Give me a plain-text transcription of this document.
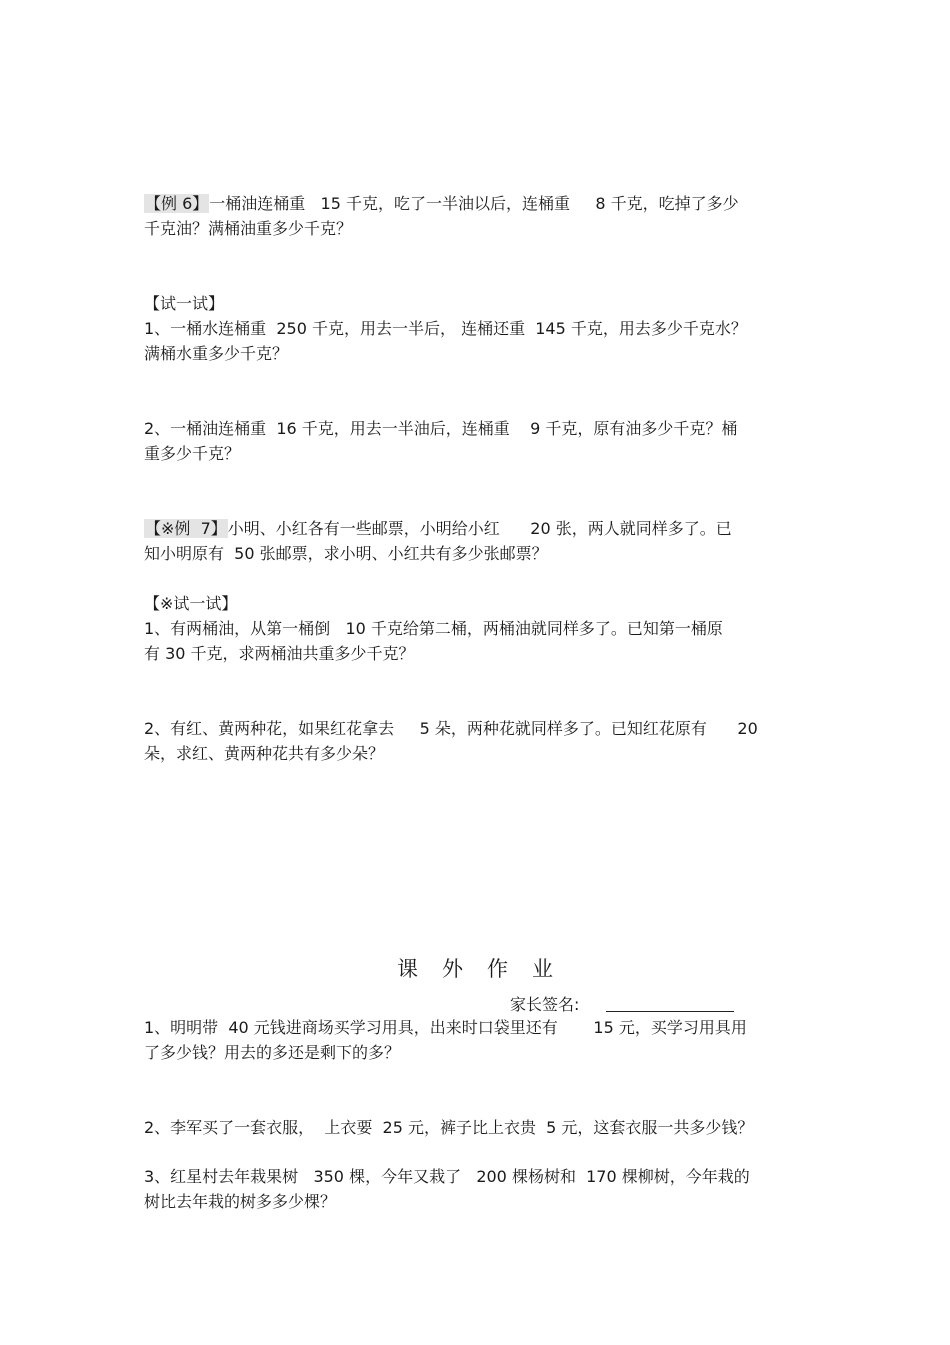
【例 6】一桶油连桶重   15 千克，吃了一半油以后，连桶重     8 千克，吃掉了多少
千克油？满桶油重多少千克？
【试一试】
1、一桶水连桶重  250 千克，用去一半后， 连桶还重  145 千克，用去多少千克水？
满桶水重多少千克？
2、一桶油连桶重  16 千克，用去一半油后，连桶重    9 千克，原有油多少千克？桶
重多少千克？
【※例  7】小明、小红各有一些邮票，小明给小红      20 张，两人就同样多了。已
知小明原有  50 张邮票，求小明、小红共有多少张邮票？
【※试一试】
1、有两桶油，从第一桶倒   10 千克给第二桶，两桶油就同样多了。已知第一桶原
有 30 千克，求两桶油共重多少千克？
2、有红、黄两种花，如果红花拿去     5 朵，两种花就同样多了。已知红花原有      20
朵，求红、黄两种花共有多少朵？
课外作业
家长签名:
1、明明带  40 元钱进商场买学习用具，出来时口袋里还有       15 元，买学习用具用
了多少钱？用去的多还是剩下的多？
2、李军买了一套衣服，  上衣要  25 元，裤子比上衣贵  5 元，这套衣服一共多少钱？
3、红星村去年栽果树   350 棵，今年又栽了   200 棵杨树和  170 棵柳树，今年栽的
树比去年栽的树多多少棵？
